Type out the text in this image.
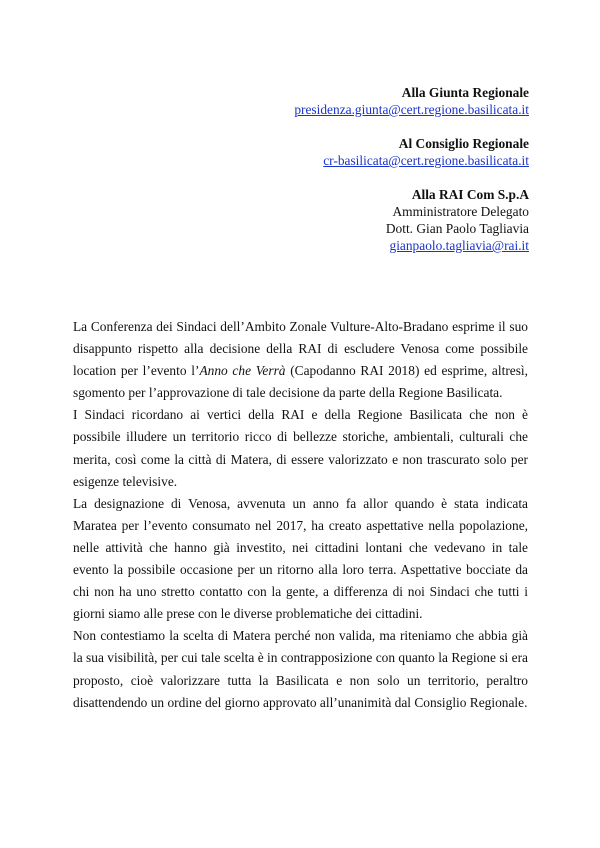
Alla Giunta Regionale
presidenza.giunta@cert.regione.basilicata.it
Al Consiglio Regionale
cr-basilicata@cert.regione.basilicata.it
Alla RAI Com S.p.A
Amministratore Delegato
Dott. Gian Paolo Tagliavia
gianpaolo.tagliavia@rai.it

La Conferenza dei Sindaci dell’Ambito Zonale Vulture-Alto-Bradano esprime il suo disappunto rispetto alla decisione della RAI di escludere Venosa come possibile location per l’evento l’Anno che Verrà (Capodanno RAI 2018) ed esprime, altresì, sgomento per l’approvazione di tale decisione da parte della Regione Basilicata.

I Sindaci ricordano ai vertici della RAI e della Regione Basilicata che non è possibile illudere un territorio ricco di bellezze storiche, ambientali, culturali che merita, così come la città di Matera, di essere valorizzato e non trascurato solo per esigenze televisive.

La designazione di Venosa, avvenuta un anno fa allor quando è stata indicata Maratea per l’evento consumato nel 2017, ha creato aspettative nella popolazione, nelle attività che hanno già investito, nei cittadini lontani che vedevano in tale evento la possibile occasione per un ritorno alla loro terra. Aspettative bocciate da chi non ha uno stretto contatto con la gente, a differenza di noi Sindaci che tutti i giorni siamo alle prese con le diverse problematiche dei cittadini.

Non contestiamo la scelta di Matera perché non valida, ma riteniamo che abbia già la sua visibilità, per cui tale scelta è in contrapposizione con quanto la Regione si era proposto, cioè valorizzare tutta la Basilicata e non solo un territorio, peraltro disattendendo un ordine del giorno approvato all’unanimità dal Consiglio Regionale.
